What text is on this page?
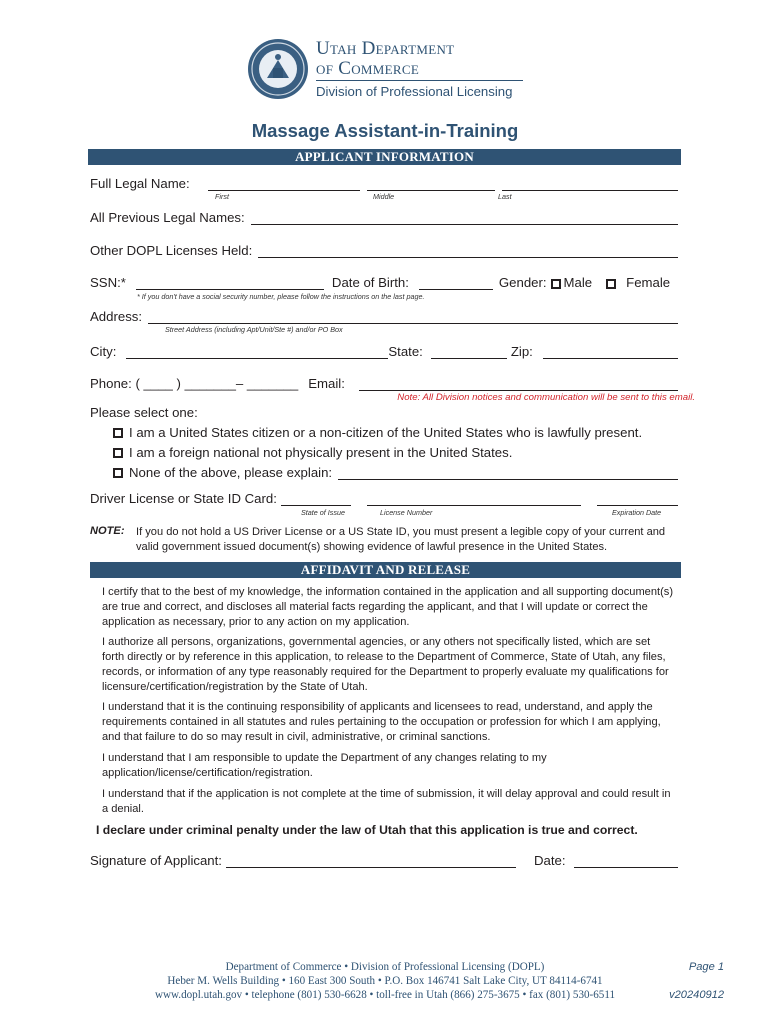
Utah Department
of Commerce
Division of Professional Licensing
Massage Assistant-in-Training
APPLICANT INFORMATION
Full Legal Name:
First	Middle	Last
All Previous Legal Names:
Other DOPL Licenses Held:
SSN:*	Date of Birth:	Gender: Male	Female
* If you don't have a social security number, please follow the instructions on the last page.
Address:
Street Address (including Apt/Unit/Ste #) and/or PO Box
City:	State:	Zip:
Phone: ( ____ ) _______– _______ Email:
Note: All Division notices and communication will be sent to this email.
Please select one:
I am a United States citizen or a non-citizen of the United States who is lawfully present.
I am a foreign national not physically present in the United States.
None of the above, please explain:
Driver License or State ID Card:
State of Issue	License Number	Expiration Date
NOTE: If you do not hold a US Driver License or a US State ID, you must present a legible copy of your current and valid government issued document(s) showing evidence of lawful presence in the United States.
AFFIDAVIT AND RELEASE
I certify that to the best of my knowledge, the information contained in the application and all supporting document(s) are true and correct, and discloses all material facts regarding the applicant, and that I will update or correct the application as necessary, prior to any action on my application.
I authorize all persons, organizations, governmental agencies, or any others not specifically listed, which are set forth directly or by reference in this application, to release to the Department of Commerce, State of Utah, any files, records, or information of any type reasonably required for the Department to properly evaluate my qualifications for licensure/certification/registration by the State of Utah.
I understand that it is the continuing responsibility of applicants and licensees to read, understand, and apply the requirements contained in all statutes and rules pertaining to the occupation or profession for which I am applying, and that failure to do so may result in civil, administrative, or criminal sanctions.
I understand that I am responsible to update the Department of any changes relating to my application/license/certification/registration.
I understand that if the application is not complete at the time of submission, it will delay approval and could result in a denial.
I declare under criminal penalty under the law of Utah that this application is true and correct.
Signature of Applicant:	Date:
Department of Commerce • Division of Professional Licensing (DOPL)
Heber M. Wells Building • 160 East 300 South • P.O. Box 146741 Salt Lake City, UT 84114-6741
www.dopl.utah.gov • telephone (801) 530-6628 • toll-free in Utah (866) 275-3675 • fax (801) 530-6511
Page 1
v20240912
